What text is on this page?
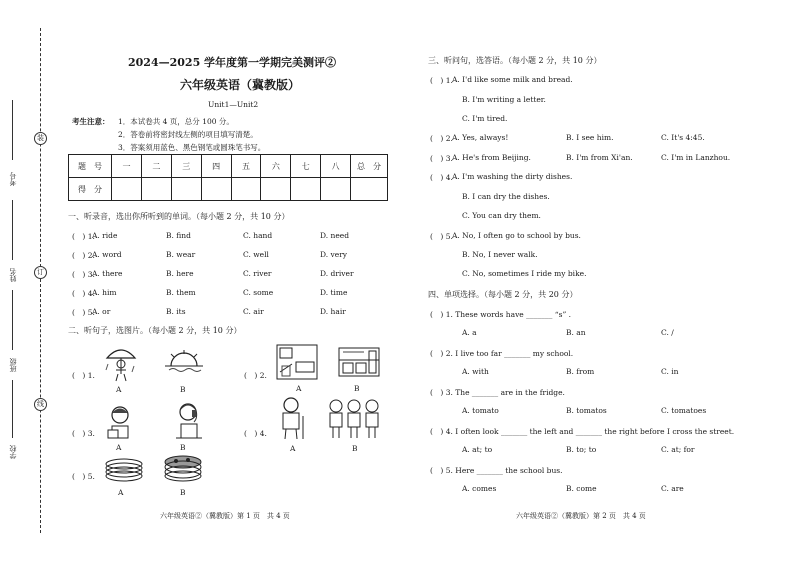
装
订
线
考号
姓名
班级
学校
2024—2025 学年度第一学期完美测评②
六年级英语（冀教版）
Unit1—Unit2
考生注意： 1．本试卷共 4 页，总分 100 分。
2．答卷前将密封线左侧的项目填写清楚。
3．答案须用蓝色、黑色钢笔或圆珠笔书写。
题　号	一	二	三	四	五	六	七	八	总　分
得　分									
一、听录音，选出你所听到的单词。（每小题 2 分，共 10 分）
(　) 1.
A. ride	B. find	C. hand	D. need
(　) 2.
A. word	B. wear	C. well	D. very
(　) 3.
A. there	B. here	C. river	D. driver
(　) 4.
A. him	B. them	C. some	D. time
(　) 5.
A. or	B. its	C. air	D. hair
二、听句子，选图片。（每小题 2 分，共 10 分）
(　) 1.
A	B
(　) 2.
A	B
(　) 3.
A	B
(　) 4.
A	B
(　) 5.
A	B
六年级英语②（冀教版）第 1 页　共 4 页
三、听问句，选答语。（每小题 2 分，共 10 分）
(　) 1. A. I'd like some milk and bread.
B. I'm writing a letter.
C. I'm tired.
(　) 2. A. Yes, always!	B. I see him.	C. It's 4:45.
(　) 3. A. He's from Beijing.	B. I'm from Xi'an.	C. I'm in Lanzhou.
(　) 4. A. I'm washing the dirty dishes.
B. I can dry the dishes.
C. You can dry them.
(　) 5. A. No, I often go to school by bus.
B. No, I never walk.
C. No, sometimes I ride my bike.
四、单项选择。（每小题 2 分，共 20 分）
(　) 1. These words have _______ “s” .
A. a	B. an	C. /
(　) 2. I live too far _______ my school.
A. with	B. from	C. in
(　) 3. The _______ are in the fridge.
A. tomato	B. tomatos	C. tomatoes
(　) 4. I often look _______ the left and _______ the right before I cross the street.
A. at; to	B. to; to	C. at; for
(　) 5. Here _______ the school bus.
A. comes	B. come	C. are
六年级英语②（冀教版）第 2 页　共 4 页
